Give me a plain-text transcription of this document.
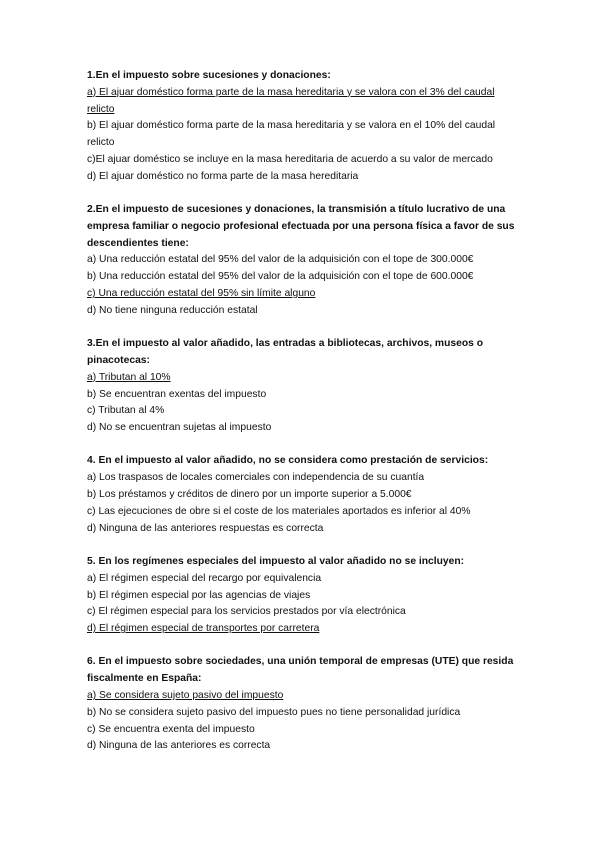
1.En el impuesto sobre sucesiones y donaciones:

a) El ajuar doméstico forma parte de la masa hereditaria y se valora con el 3% del caudal relicto

b) El ajuar doméstico forma parte de la masa hereditaria y se valora en el 10% del caudal relicto

c)El ajuar doméstico se incluye en la masa hereditaria de acuerdo a su valor de mercado

d) El ajuar doméstico no forma parte de la masa hereditaria

2.En el impuesto de sucesiones y donaciones, la transmisión a título lucrativo de una empresa familiar o negocio profesional efectuada por una persona física a favor de sus descendientes tiene:

a) Una reducción estatal del 95% del valor de la adquisición con el tope de 300.000€

b) Una reducción estatal del 95% del valor de la adquisición con el tope de 600.000€

c) Una reducción estatal del 95% sin límite alguno

d) No tiene ninguna reducción estatal

3.En el impuesto al valor añadido, las entradas a bibliotecas, archivos, museos o pinacotecas:

a) Tributan al 10%

b) Se encuentran exentas del impuesto

c) Tributan al 4%

d) No se encuentran sujetas al impuesto

4. En el impuesto al valor añadido, no se considera como prestación de servicios:

a) Los traspasos de locales comerciales con independencia de su cuantía

b) Los préstamos y créditos de dinero por un importe superior a 5.000€

c) Las ejecuciones de obre si el coste de los materiales aportados es inferior al 40%

d) Ninguna de las anteriores respuestas es correcta

5. En los regímenes especiales del impuesto al valor añadido no se incluyen:

a) El régimen especial del recargo por equivalencia

b) El régimen especial por las agencias de viajes

c) El régimen especial para los servicios prestados por vía electrónica

d) El régimen especial de transportes por carretera

6. En el impuesto sobre sociedades, una unión temporal de empresas (UTE) que resida fiscalmente en España:

a) Se considera sujeto pasivo del impuesto

b) No se considera sujeto pasivo del impuesto pues no tiene personalidad jurídica

c) Se encuentra exenta del impuesto

d) Ninguna de las anteriores es correcta
